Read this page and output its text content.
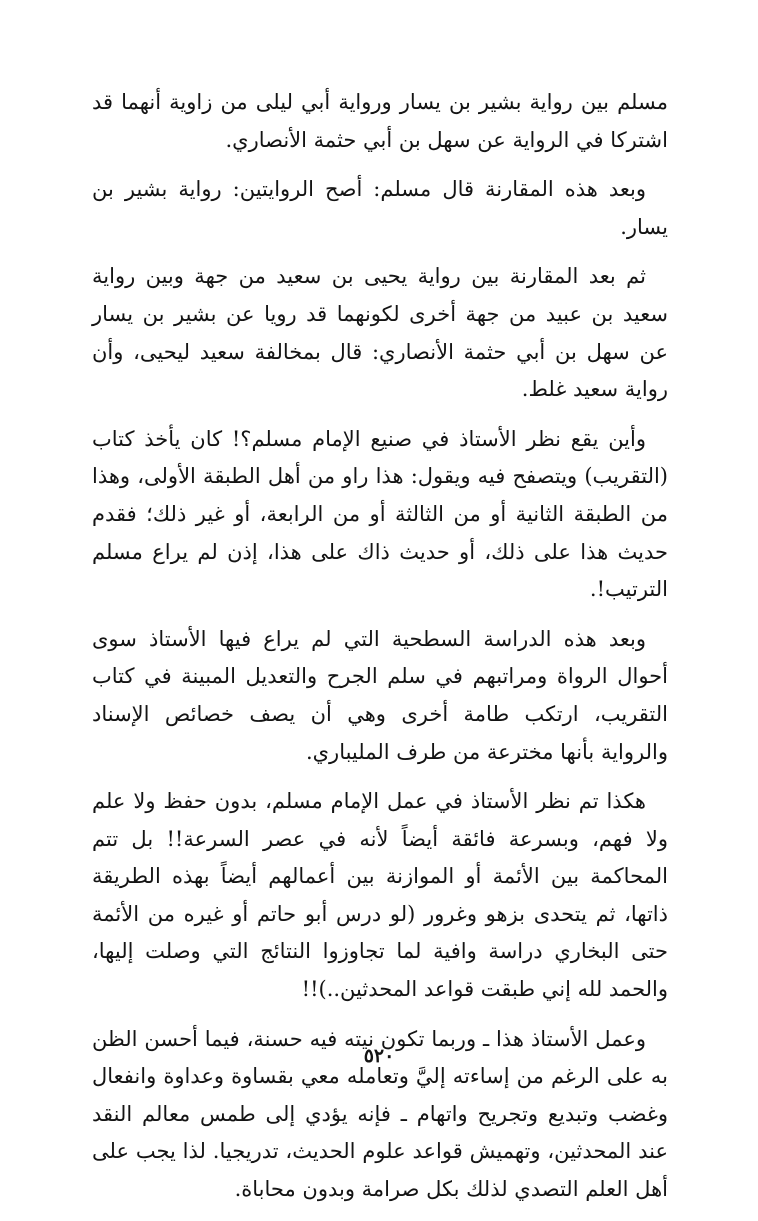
مسلم بين رواية بشير بن يسار ورواية أبي ليلى من زاوية أنهما قد اشتركا في الرواية عن سهل بن أبي حثمة الأنصاري.

وبعد هذه المقارنة قال مسلم: أصح الروايتين: رواية بشير بن يسار.

ثم بعد المقارنة بين رواية يحيى بن سعيد من جهة وبين رواية سعيد بن عبيد من جهة أخرى لكونهما قد رويا عن بشير بن يسار عن سهل بن أبي حثمة الأنصاري: قال بمخالفة سعيد ليحيى، وأن رواية سعيد غلط.

وأين يقع نظر الأستاذ في صنيع الإمام مسلم؟! كان يأخذ كتاب (التقريب) ويتصفح فيه ويقول: هذا راو من أهل الطبقة الأولى، وهذا من الطبقة الثانية أو من الثالثة أو من الرابعة، أو غير ذلك؛ فقدم حديث هذا على ذلك، أو حديث ذاك على هذا، إذن لم يراع مسلم الترتيب!.

وبعد هذه الدراسة السطحية التي لم يراع فيها الأستاذ سوى أحوال الرواة ومراتبهم في سلم الجرح والتعديل المبينة في كتاب التقريب، ارتكب طامة أخرى وهي أن يصف خصائص الإسناد والرواية بأنها مخترعة من طرف المليباري.

هكذا تم نظر الأستاذ في عمل الإمام مسلم، بدون حفظ ولا علم ولا فهم، وبسرعة فائقة أيضاً لأنه في عصر السرعة!! بل تتم المحاكمة بين الأئمة أو الموازنة بين أعمالهم أيضاً بهذه الطريقة ذاتها، ثم يتحدى بزهو وغرور (لو درس أبو حاتم أو غيره من الأئمة حتى البخاري دراسة وافية لما تجاوزوا النتائج التي وصلت إليها، والحمد لله إني طبقت قواعد المحدثين..)!!

وعمل الأستاذ هذا ـ وربما تكون نيته فيه حسنة، فيما أحسن الظن به على الرغم من إساءته إليَّ وتعامله معي بقساوة وعداوة وانفعال وغضب وتبديع وتجريح واتهام ـ فإنه يؤدي إلى طمس معالم النقد عند المحدثين، وتهميش قواعد علوم الحديث، تدريجيا. لذا يجب على أهل العلم التصدي لذلك بكل صرامة وبدون محاباة.

٥٢٠
